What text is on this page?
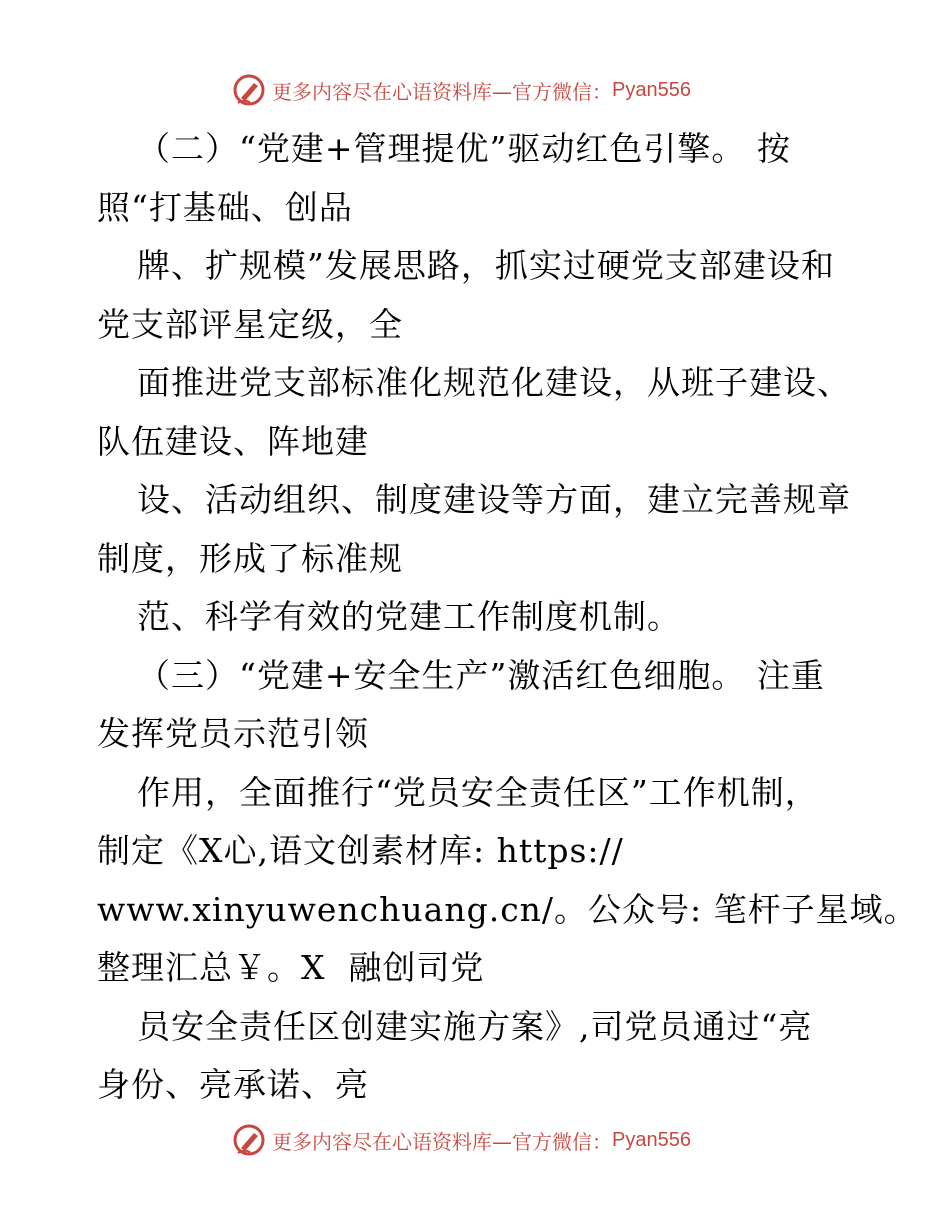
更多内容尽在心语资料库—官方微信： Pyan556
（二）“党建+管理提优”驱动红色引擎。 按
照“打基础、创品
牌、扩规模”发展思路，抓实过硬党支部建设和
党支部评星定级，全
面推进党支部标准化规范化建设，从班子建设、
队伍建设、阵地建
设、活动组织、制度建设等方面，建立完善规章
制度，形成了标准规
范、科学有效的党建工作制度机制。
（三）“党建+安全生产”激活红色细胞。 注重
发挥党员示范引领
作用，全面推行“党员安全责任区”工作机制，
制定《X心,语文创素材库: https://
www.xinyuwenchuang.cn/。公众号: 笔杆子星域。
整理汇总￥。X  融创司党
员安全责任区创建实施方案》,司党员通过“亮
身份、亮承诺、亮
更多内容尽在心语资料库—官方微信： Pyan556
